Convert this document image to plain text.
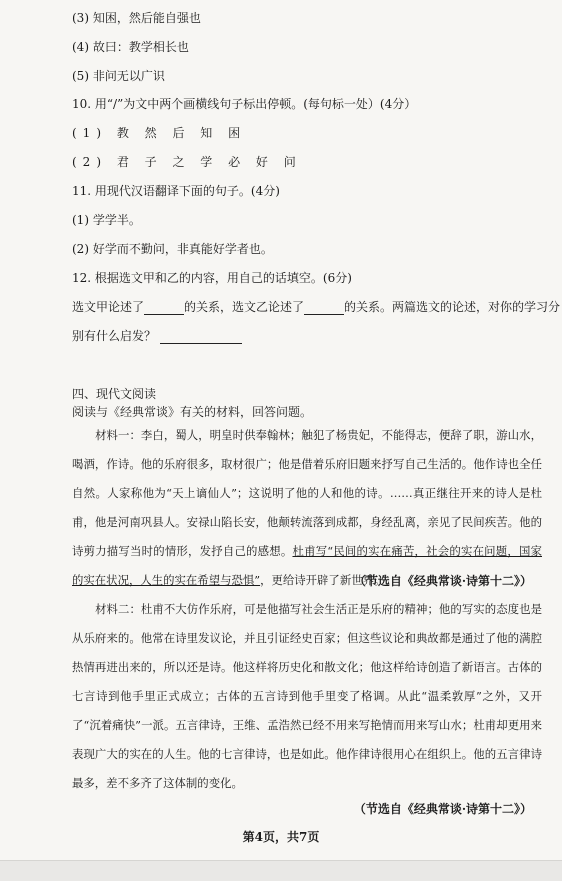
(3) 知困，然后能自强也
(4) 故曰：教学相长也
(5) 非问无以广识
10. 用“/”为文中两个画横线句子标出停顿。(每句标一处）(4分）
(1) 教 然 后 知 困
(2) 君 子 之 学 必 好 问
11. 用现代汉语翻译下面的句子。(4分)
(1) 学学半。
(2) 好学而不勤问，非真能好学者也。
12. 根据选文甲和乙的内容，用自己的话填空。(6分)
选文甲论述了	的关系，选文乙论述了	的关系。两篇选文的论述，对你的学习分
别有什么启发？
四、现代文阅读
阅读与《经典常谈》有关的材料，回答问题。
材料一：李白，蜀人，明皇时供奉翰林；触犯了杨贵妃，不能得志，便辞了职，游山水，喝酒，作诗。他的乐府很多，取材很广；他是借着乐府旧题来抒写自己生活的。他作诗也全任自然。人家称他为“天上谪仙人”；这说明了他的人和他的诗。……真正继往开来的诗人是杜甫，他是河南巩县人。安禄山陷长安，他颠转流落到成都，身经乱离，亲见了民间疾苦。他的诗剪力描写当时的情形，发抒自己的感想。杜甫写“民间的实在痛苦，社会的实在问题，国家的实在状况，人生的实在希望与恐惧”，更给诗开辟了新世界。
（节选自《经典常谈·诗第十二》）
材料二：杜甫不大仿作乐府，可是他描写社会生活正是乐府的精神；他的写实的态度也是从乐府来的。他常在诗里发议论，并且引证经史百家；但这些议论和典故都是通过了他的满腔热情再进出来的，所以还是诗。他这样将历史化和散文化；他这样给诗创造了新语言。古体的七言诗到他手里正式成立；古体的五言诗到他手里变了格调。从此“温柔敦厚”之外，又开了“沉着痛快”一派。五言律诗，王维、孟浩然已经不用来写艳情而用来写山水；杜甫却更用来表现广大的实在的人生。他的七言律诗，也是如此。他作律诗很用心在组织上。他的五言律诗最多，差不多齐了这体制的变化。
（节选自《经典常谈·诗第十二》）
第4页，共7页
